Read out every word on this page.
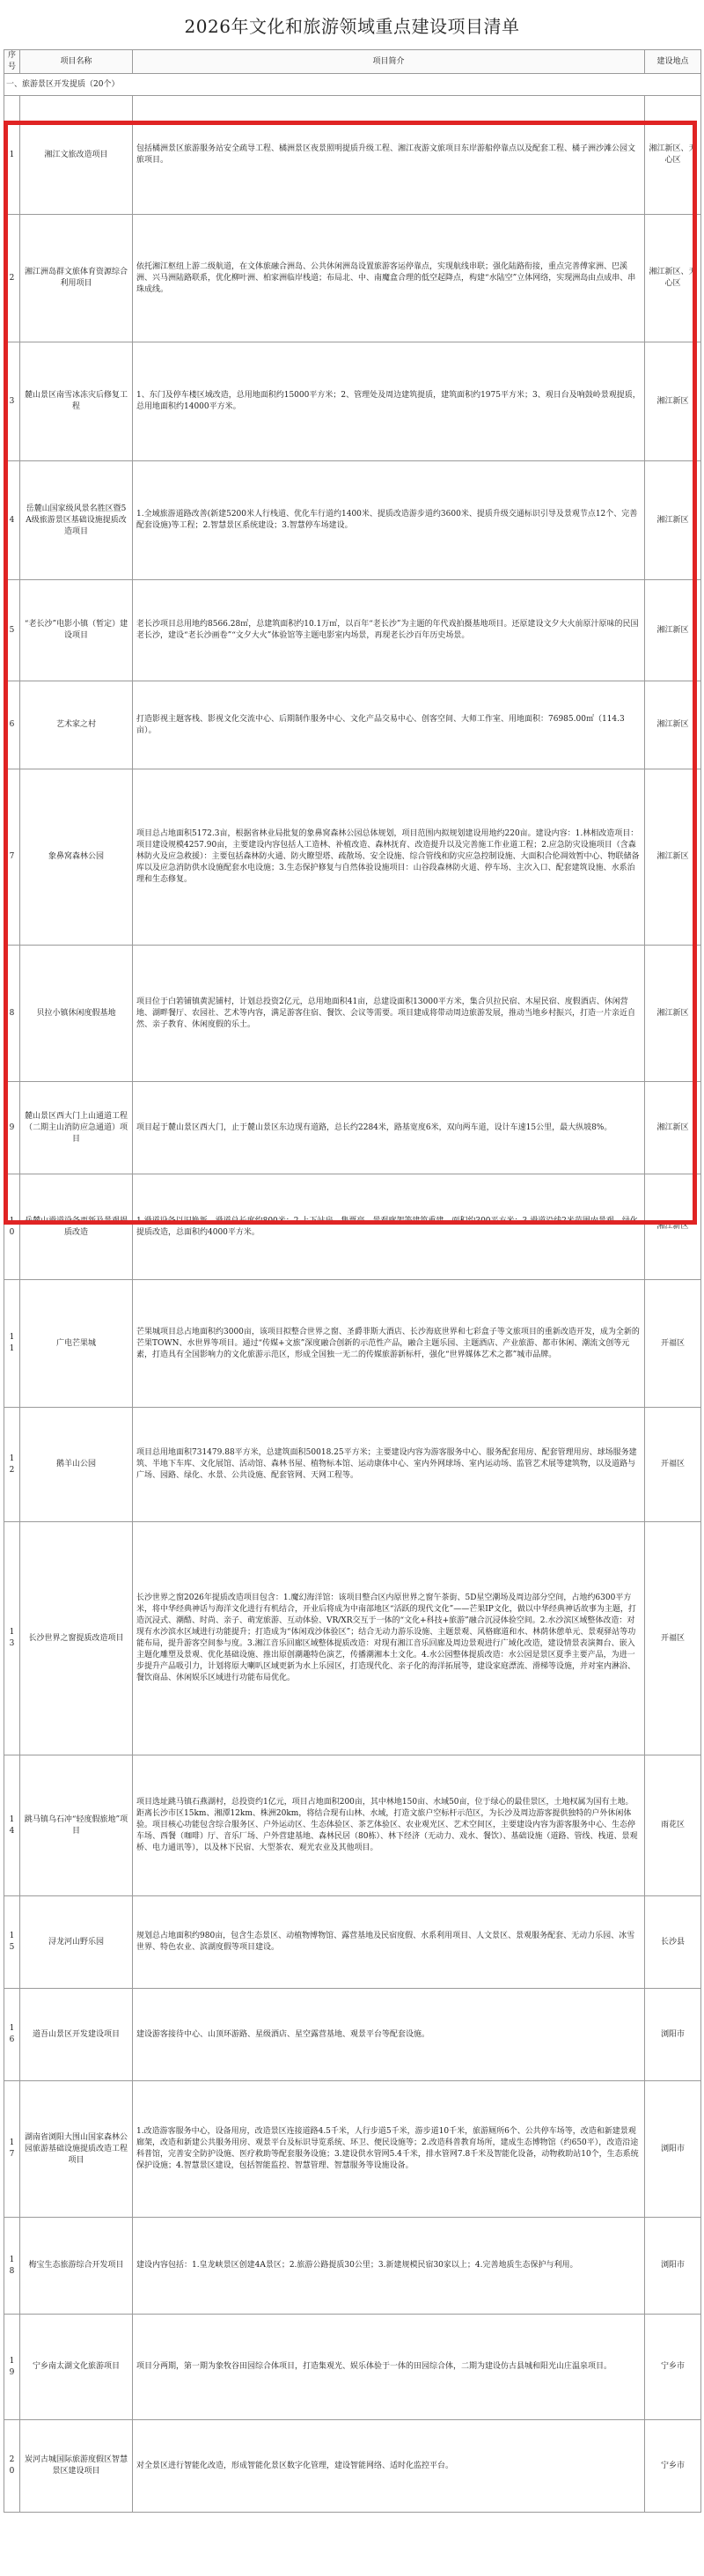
2026年文化和旅游领域重点建设项目清单
序号	项目名称	项目简介	建设地点
一、旅游景区开发提质（20个）			
1	湘江文旅改造项目	包括橘洲景区旅游服务站安全疏导工程、橘洲景区夜景照明提质升级工程、湘江夜游文旅项目东岸游船停靠点以及配套工程、橘子洲沙滩公园文旅项目。	湘江新区、天心区
2	湘江洲岛群文旅体育资源综合利用项目	依托湘江枢纽上游二级航道，在文体旅融合洲岛、公共休闲洲岛设置旅游客运停靠点，实现航线串联；强化陆路衔接，重点完善傅家洲、巴溪洲、兴马洲陆路联系，优化柳叶洲、柏家洲临岸栈道；布局北、中、南魔盒合理的低空起降点，构建“水陆空”立体网络，实现洲岛由点成串、串珠成线。	湘江新区、天心区
3	麓山景区南雪冰冻灾后修复工程	1、东门及停车楼区域改造，总用地面积约15000平方米；2、管理处及周边建筑提质，建筑面积约1975平方米；3、观日台及响鼓岭景观提质，总用地面积约14000平方米。	湘江新区
4	岳麓山国家级风景名胜区暨5A级旅游景区基础设施提质改造项目	1.全域旅游道路改善(新建5200米人行栈道、优化车行道约1400米、提质改造游步道约3600米、提质升级交通标识引导及景观节点12个、完善配套设施)等工程；2.智慧景区系统建设；3.智慧停车场建设。	湘江新区
5	“老长沙”电影小镇（暂定）建设项目	老长沙项目总用地约8566.28㎡，总建筑面积约10.1万㎡，以百年“老长沙”为主题的年代戏拍摄基地项目。还原建设文夕大火前原汁原味的民国老长沙，建设“老长沙画卷”“文夕大火”体验馆等主题电影室内场景，再现老长沙百年历史场景。	湘江新区
6	艺术家之村	打造影视主题客栈、影视文化交流中心、后期制作服务中心、文化产品交易中心、创客空间、大师工作室、用地面积：76985.00㎡（114.3亩）。	湘江新区
7	象鼻窝森林公园	项目总占地面积5172.3亩，根据省林业局批复的象鼻窝森林公园总体规划，项目范围内拟规划建设用地约220亩。建设内容：1.林相改造项目：项目建设规模4257.90亩，主要建设内容包括人工造林、补植改造、森林抚育、改造提升以及完善施工作业道工程；2.应急防灾设施项目（含森林防火及应急救援）：主要包括森林防火通、防火瞭望塔、疏散场、安全设施、综合管线和防灾应急控制设施、大面积合伦凋效暂中心、物联储备库以及应急消防供水设施配套水电设施；3.生态保护修复与自然体验设施项目：山谷段森林防火道、停车场、主次入口、配套建筑设施、水系治理和生态修复。	湘江新区
8	贝拉小镇休闲度假基地	项目位于白箬铺镇黄泥铺村，计划总投资2亿元，总用地面积41亩，总建设面积13000平方米，集合贝拉民宿、木屋民宿、度假酒店、休闲营地、湖畔餐厅、农园社、艺术等内容，满足游客住宿、餐饮、会议等需要。项目建成将带动周边旅游发展，推动当地乡村振兴，打造一片亲近自然、亲子教育、休闲度假的乐土。	湘江新区
9	麓山景区西大门上山通道工程（二期主山消防应急通道）项目	项目起于麓山景区西大门，止于麓山景区东边现有道路，总长约2284米，路基宽度6米，双向两车道，设计车速15公里，最大纵坡8%。	湘江新区
10	岳麓山滑道设备更新及景观提质改造	1.滑道设备以旧换新，滑道总长度约800米；2.上下站房、售票亭、景观廊架等建筑重建，面积约300平方米；3.滑道沿线2米范围内景观、绿化提质改造，总面积约4000平方米。	湘江新区
11	广电芒果城	芒果城项目总占地面积约3000亩，该项目拟整合世界之窗、圣爵菲斯大酒店、长沙海底世界和七彩盒子等文旅项目的重新改造开发，成为全新的芒果TOWN、水世界等项目。通过“传媒+文旅”深度融合创新的示范性产品，融合主题乐园、主题酒店、产业旅游、都市休闲、潮流文创等元素，打造具有全国影响力的文化旅游示范区，形成全国独一无二的传媒旅游新标杆，强化“世界媒体艺术之都”城市品牌。	开福区
12	鹅羊山公园	项目总用地面积731479.88平方米，总建筑面积50018.25平方米；主要建设内容为游客服务中心、服务配套用房、配套管理用房、球场服务建筑、半地下车库、文化展馆、活动馆、森林书屋、植物标本馆、运动康体中心、室内外网球场、室内运动场、监管艺术展等建筑物，以及道路与广场、园路、绿化、水景、公共设施、配套管网、天网工程等。	开福区
13	长沙世界之窗提质改造项目	长沙世界之窗2026年提质改造项目包含：1.魔幻海洋馆：该项目整合区内原世界之窗午茶街、5D星空潮场及周边部分空间，占地约6300平方米，将中华经典神话与海洋文化进行有机结合，开业后将成为中南部地区“活跃的现代文化”——芒果IP文化，做以中华经典神话故事为主题，打造沉浸式、潮酷、时尚、亲子、萌宠旅游、互动体验、VR/XR交互于一体的“文化+科技+旅游”融合沉浸体验空间。2.水沙滨区域整体改造：对现有水沙滨水区域进行功能提升；打造成为“体闲戏沙体验区”；结合无动力游乐设施、主题景观、风格廊道和水、林荫休憩单元、景观驿站等功能布局，提升游客空间参与度。3.湘江音乐回廊区域整体提质改造：对现有湘江音乐回廊及周边景观进行广域化改造，建设情景表演舞台、嵌入主题化雕塑及景观、优化基础设施、推出原创潮趣特色演艺，传播潮湘本土文化。4.水公园整体提质改造：水公园是景区夏季主要产品，为进一步提升产品吸引力，计划将原大喇叭区域更新为水上乐园区，打造现代化、亲子化的海洋拓展等，建设家庭漂流、滑梯等设施，并对室内淋浴、餐饮商品、休闲娱乐区域进行功能布局优化。	开福区
14	跳马镇乌石冲“轻度假旅地”项目	项目选址跳马镇石燕湖村，总投资约1亿元，项目占地面积200亩，其中林地150亩、水域50亩，位于绿心的最佳景区，土地权属为国有土地。距离长沙市区15km、湘潭12km、株洲20km，将结合现有山林、水域，打造文旅户空标杆示范区，为长沙及周边游客提供独特的户外休闲体验。项目核心功能包含综合服务区、户外运动区、生态体验区、茶艺体验区、农业观光区、艺术空间区，主要建设内容为游客服务中心、生态停车场、西餐（咖啡）厅、音乐厂场、户外营建基地、森林民居（80栋）、林下经济（无动力、戏水、餐饮）、基础设施（道路、管线、栈道、景观桥、电力通讯等），以及林下民宿、大型茶农、观光农业及其他项目。	雨花区
15	浔龙河山野乐园	规划总占地面积约980亩，包含生态景区、动植物博物馆、露营基地及民宿度假、水系利用项目、人文景区、景观服务配套、无动力乐园、冰雪世界、特色农业、滨湖度假等项目建设。	长沙县
16	道吾山景区开发建设项目	建设游客接待中心、山顶环游路、星级酒店、星空露营基地、观景平台等配套设施。	浏阳市
17	湖南省浏阳大围山国家森林公园旅游基础设施提质改造工程项目	1.改造游客服务中心，设备用房，改造景区连接道路4.5千米，人行步道5千米，游步道10千米，旅游厕所6个、公共停车场等，改造和新建景观廊架，改造和新建公共服务用房、观景平台及标识导览系统、环卫、便民设施等；2.改造科普教育场所，建成生态博物馆（约650平），改造沿途科普馆，完善安全防护设施、医疗救助等配套服务设施；3.建设供水管网5.4千米，排水管网7.8千米及智能化设备，动物救助站10个，生态系统保护设施；4.智慧景区建设，包括智能监控、智慧管理、智慧服务等设施设备。	浏阳市
18	梅宝生态旅游综合开发项目	建设内容包括：1.皇龙峡景区创建4A景区；2.旅游公路提质30公里；3.新建规模民宿30家以上；4.完善地质生态保护与利用。	浏阳市
19	宁乡南太湖文化旅游项目	项目分两期，第一期为象牧谷田园综合体项目，打造集观光、娱乐体验于一体的田园综合体，二期为建设仿古县城和阳光山庄温泉项目。	宁乡市
20	炭河古城国际旅游度假区智慧景区建设项目	对全景区进行智能化改造，形成智能化景区数字化管理，建设智能网络、适时化监控平台。	宁乡市
